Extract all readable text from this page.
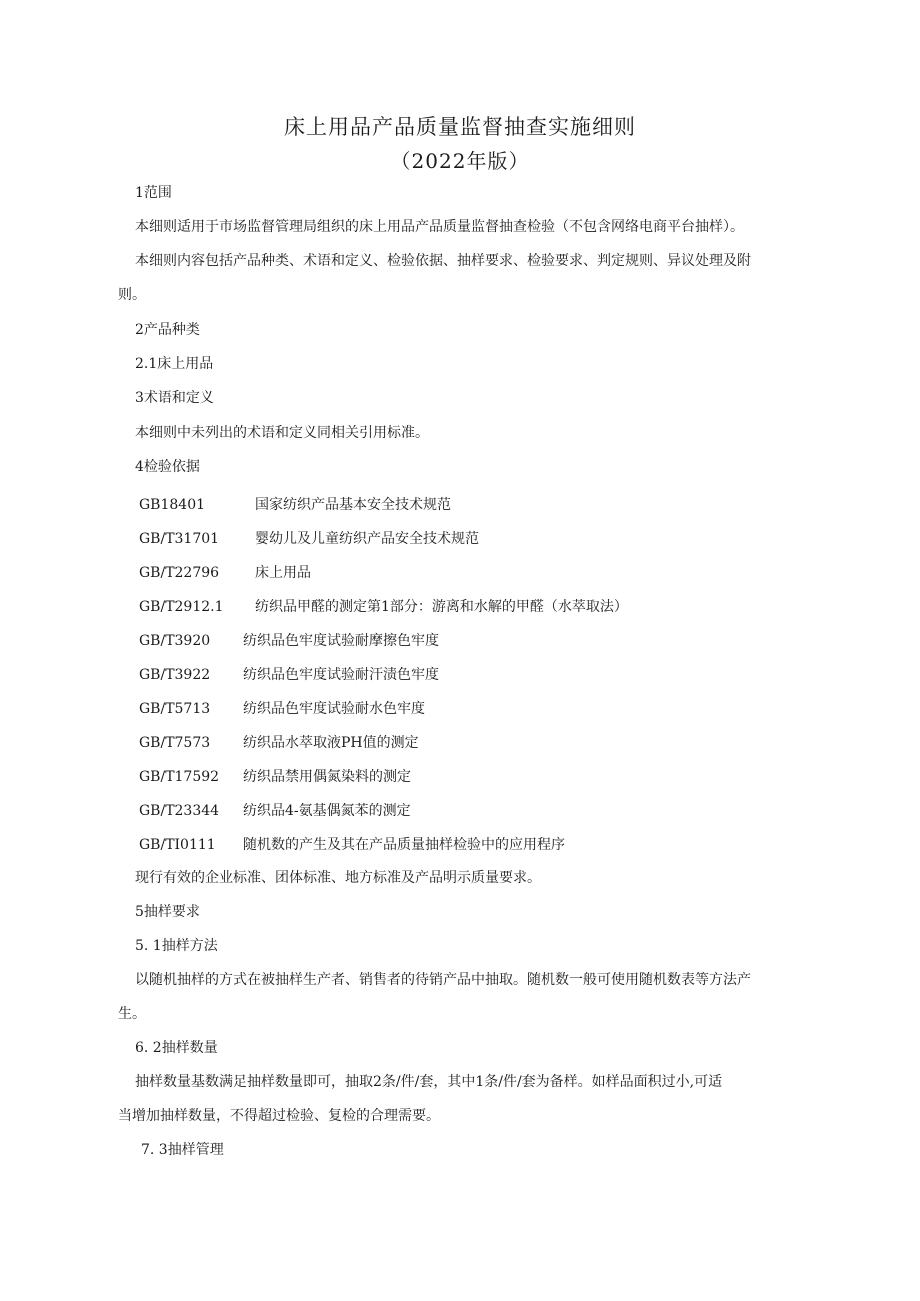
床上用品产品质量监督抽查实施细则
（2022年版）

1范围

本细则适用于市场监督管理局组织的床上用品产品质量监督抽查检验（不包含网络电商平台抽样）。

本细则内容包括产品种类、术语和定义、检验依据、抽样要求、检验要求、判定规则、异议处理及附

则。

2产品种类

2.1床上用品

3术语和定义

本细则中未列出的术语和定义同相关引用标准。

4检验依据

GB18401	国家纺织产品基本安全技术规范
GB/T31701	婴幼儿及儿童纺织产品安全技术规范
GB/T22796	床上用品
GB/T2912.1 纺织品甲醛的测定第1部分：游离和水解的甲醛（水萃取法）
GB/T3920 纺织品色牢度试验耐摩擦色牢度
GB/T3922 纺织品色牢度试验耐汗渍色牢度
GB/T5713 纺织品色牢度试验耐水色牢度
GB/T7573 纺织品水萃取液PH值的测定
GB/T17592 纺织品禁用偶氮染料的测定
GB/T23344 纺织品4-氨基偶氮苯的测定
GB/TI0111 随机数的产生及其在产品质量抽样检验中的应用程序

现行有效的企业标准、团体标准、地方标准及产品明示质量要求。

5抽样要求

5. 1抽样方法

以随机抽样的方式在被抽样生产者、销售者的待销产品中抽取。随机数一般可使用随机数表等方法产

生。

6. 2抽样数量

抽样数量基数满足抽样数量即可，抽取2条/件/套，其中1条/件/套为备样。如样品面积过小,可适

当增加抽样数量，不得超过检验、复检的合理需要。

7. 3抽样管理
